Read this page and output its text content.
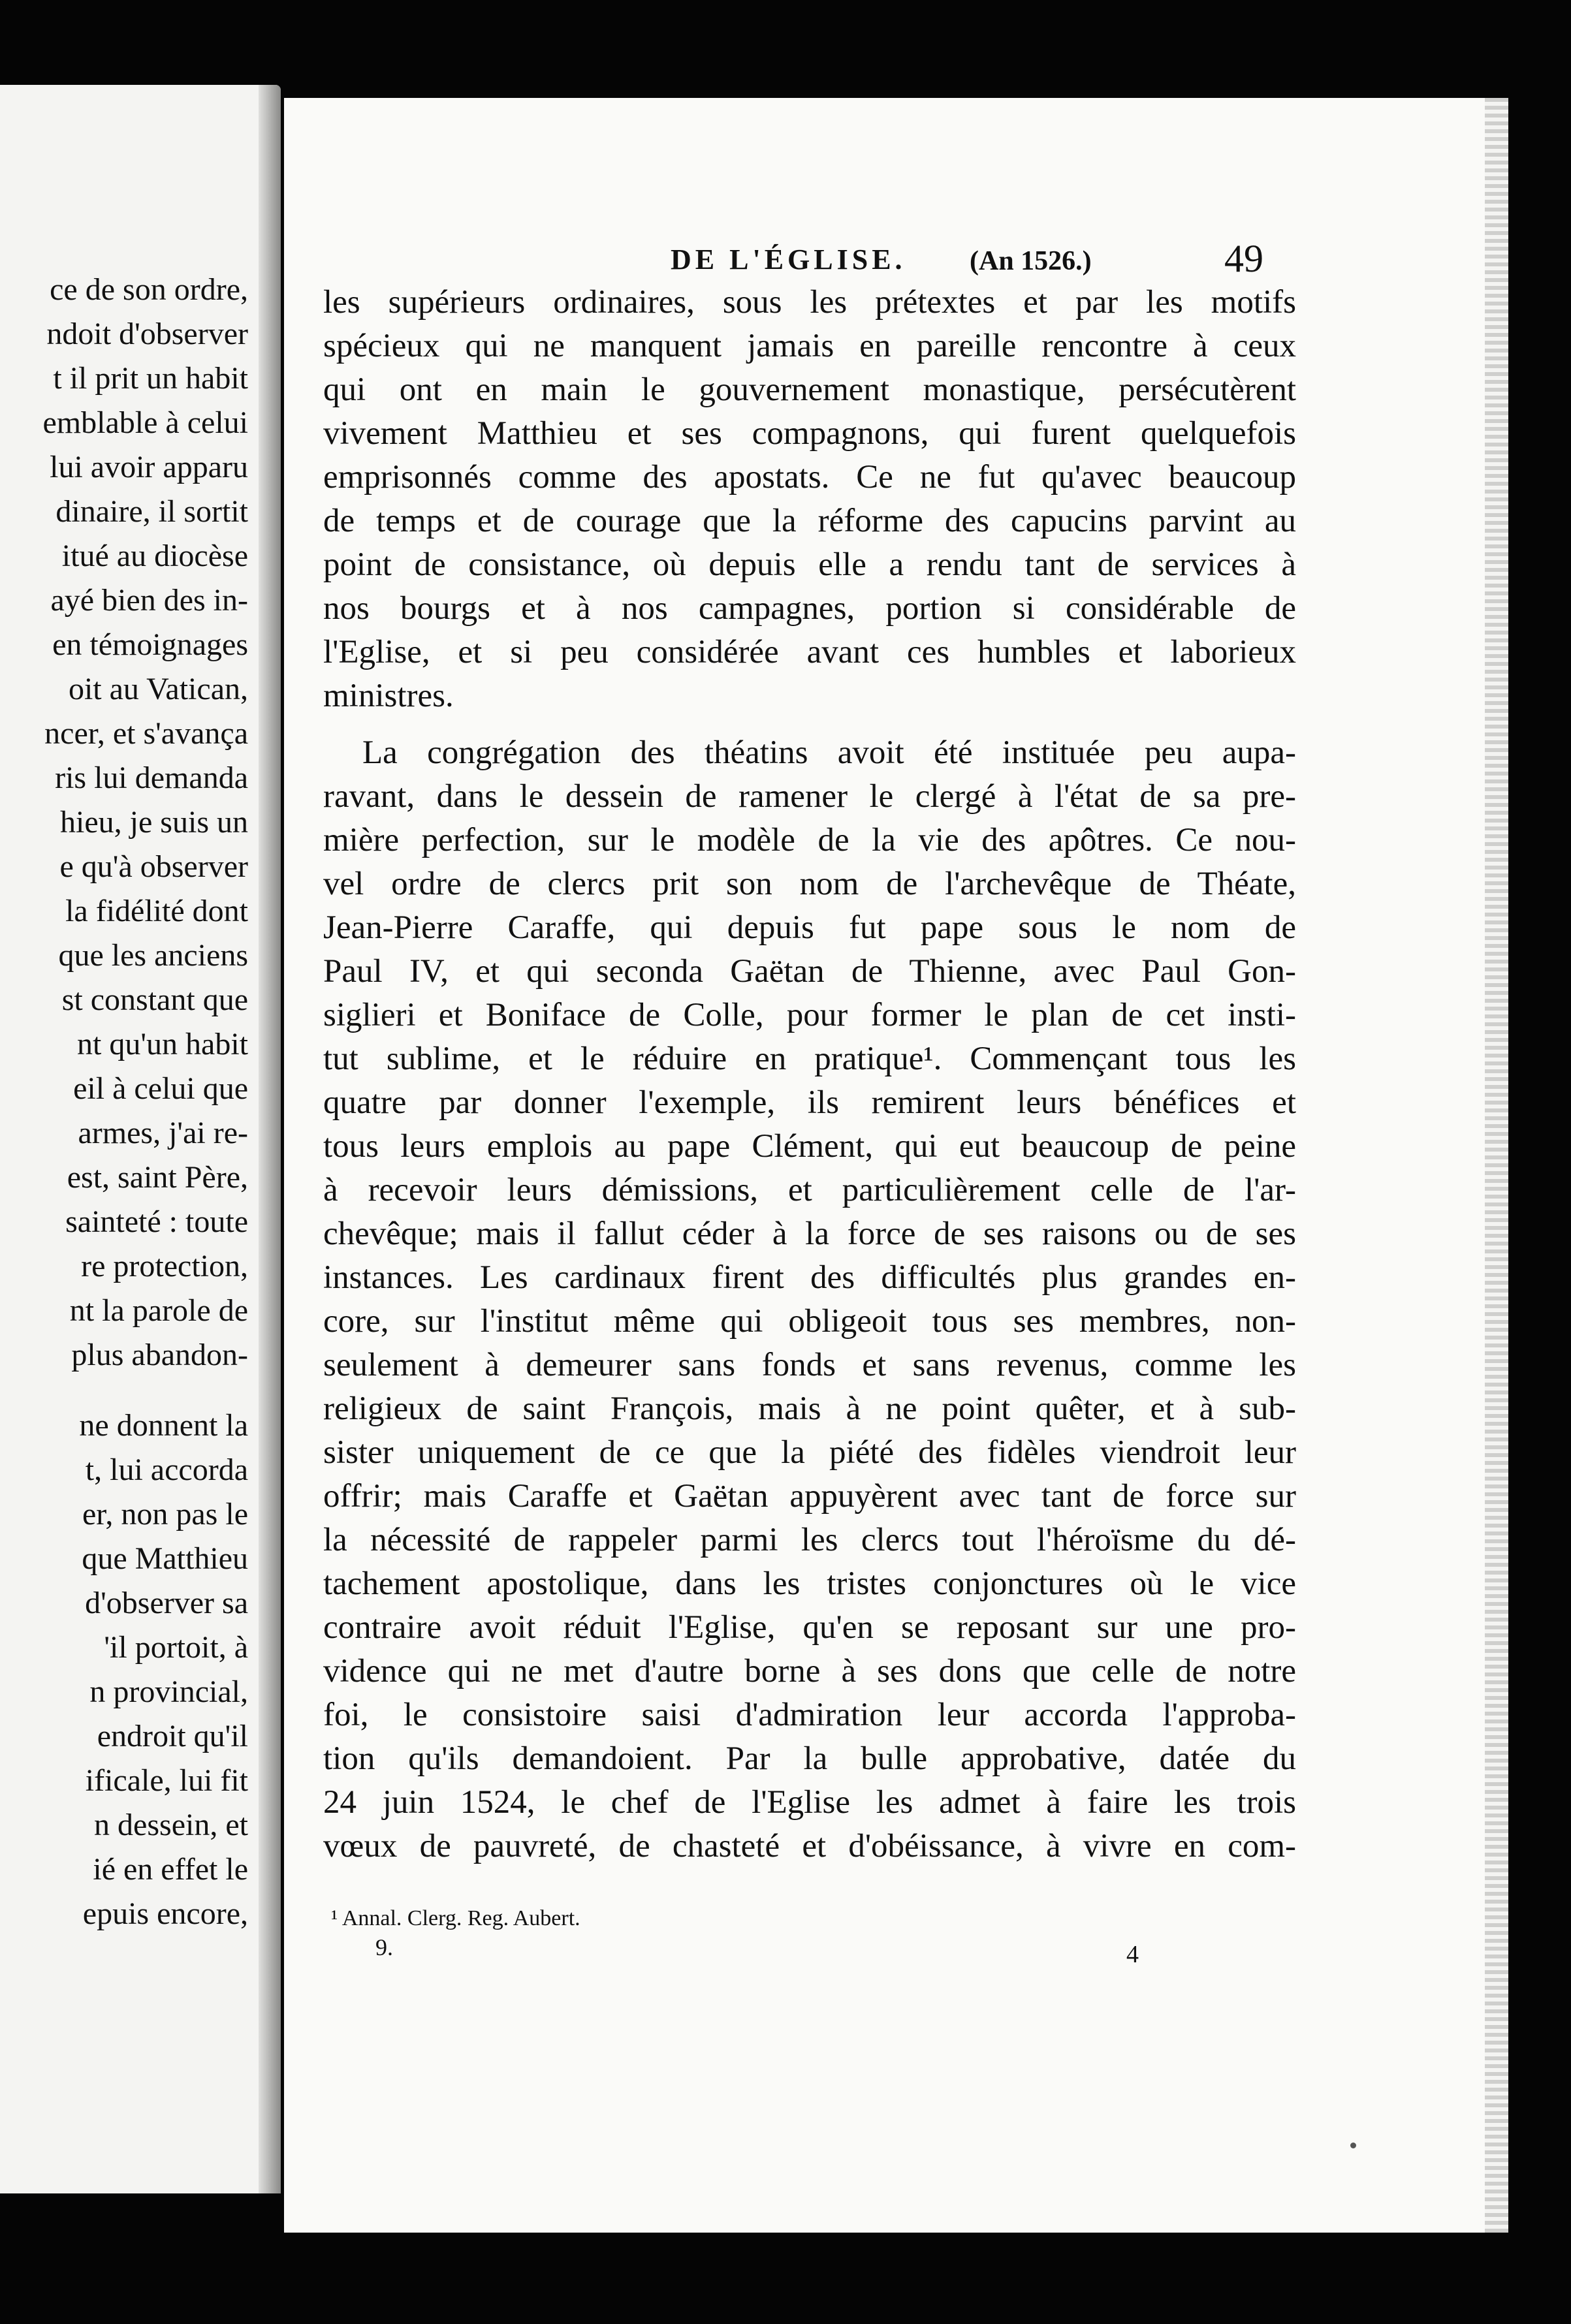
ce de son ordre,
ndoit d'observer
t il prit un habit
emblable à celui
lui avoir apparu
dinaire, il sortit
itué au diocèse
ayé bien des in-
en témoignages
oit au Vatican,
ncer, et s'avança
ris lui demanda
hieu, je suis un
e qu'à observer
la fidélité dont
que les anciens
st constant que
nt qu'un habit
eil à celui que
armes, j'ai re-
est, saint Père,
sainteté : toute
re protection,
nt la parole de
plus abandon-
ne donnent la
t, lui accorda
er, non pas le
que Matthieu
d'observer sa
'il portoit, à
n provincial,
endroit qu'il
ificale, lui fit
n dessein, et
ié en effet le
epuis encore,
DE L'ÉGLISE. (An 1526.)	49
les supérieurs ordinaires, sous les prétextes et par les motifs
spécieux qui ne manquent jamais en pareille rencontre à ceux
qui ont en main le gouvernement monastique, persécutèrent
vivement Matthieu et ses compagnons, qui furent quelquefois
emprisonnés comme des apostats. Ce ne fut qu'avec beaucoup
de temps et de courage que la réforme des capucins parvint au
point de consistance, où depuis elle a rendu tant de services à
nos bourgs et à nos campagnes, portion si considérable de
l'Eglise, et si peu considérée avant ces humbles et laborieux
ministres.
La congrégation des théatins avoit été instituée peu aupa-
ravant, dans le dessein de ramener le clergé à l'état de sa pre-
mière perfection, sur le modèle de la vie des apôtres. Ce nou-
vel ordre de clercs prit son nom de l'archevêque de Théate,
Jean-Pierre Caraffe, qui depuis fut pape sous le nom de
Paul IV, et qui seconda Gaëtan de Thienne, avec Paul Gon-
siglieri et Boniface de Colle, pour former le plan de cet insti-
tut sublime, et le réduire en pratique¹. Commençant tous les
quatre par donner l'exemple, ils remirent leurs bénéfices et
tous leurs emplois au pape Clément, qui eut beaucoup de peine
à recevoir leurs démissions, et particulièrement celle de l'ar-
chevêque; mais il fallut céder à la force de ses raisons ou de ses
instances. Les cardinaux firent des difficultés plus grandes en-
core, sur l'institut même qui obligeoit tous ses membres, non-
seulement à demeurer sans fonds et sans revenus, comme les
religieux de saint François, mais à ne point quêter, et à sub-
sister uniquement de ce que la piété des fidèles viendroit leur
offrir; mais Caraffe et Gaëtan appuyèrent avec tant de force sur
la nécessité de rappeler parmi les clercs tout l'héroïsme du dé-
tachement apostolique, dans les tristes conjonctures où le vice
contraire avoit réduit l'Eglise, qu'en se reposant sur une pro-
vidence qui ne met d'autre borne à ses dons que celle de notre
foi, le consistoire saisi d'admiration leur accorda l'approba-
tion qu'ils demandoient. Par la bulle approbative, datée du
24 juin 1524, le chef de l'Eglise les admet à faire les trois
vœux de pauvreté, de chasteté et d'obéissance, à vivre en com-
¹ Annal. Clerg. Reg. Aubert.
9.	4
